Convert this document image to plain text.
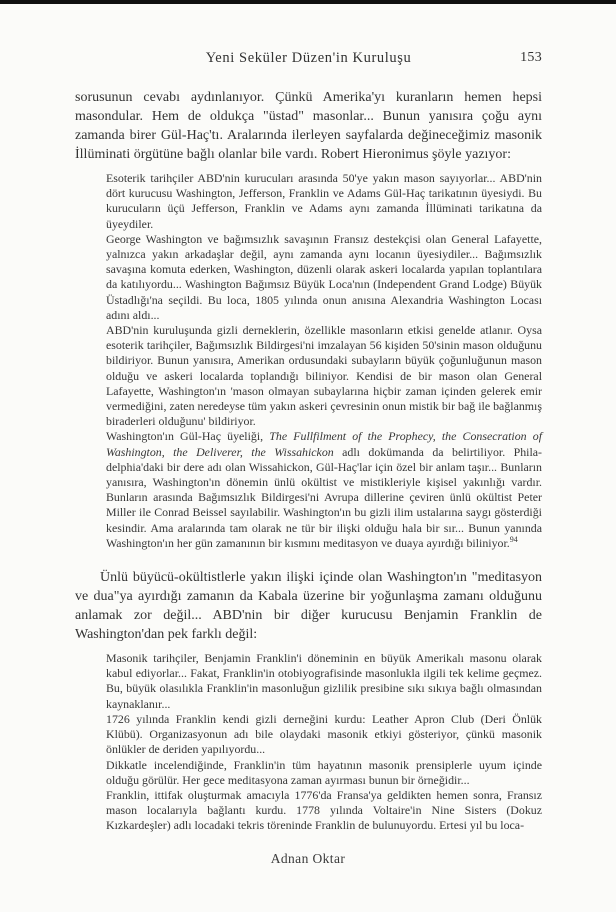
Yeni Seküler Düzen'in Kuruluşu	153

sorusunun cevabı aydınlanıyor. Çünkü Amerika'yı kuranların hemen hepsi masondular. Hem de oldukça "üstad" masonlar... Bunun yanısıra çoğu aynı zamanda birer Gül-Haç'tı. Aralarında ilerleyen sayfalarda değineceğimiz masonik İllüminati örgütüne bağlı olanlar bile vardı. Robert Hieronimus şöyle yazıyor:

Esoterik tarihçiler ABD'nin kurucuları arasında 50'ye yakın mason sayıyorlar... ABD'nin dört kurucusu Washington, Jefferson, Franklin ve Adams Gül-Haç tarikatının üyesiydi. Bu kurucuların üçü Jefferson, Franklin ve Adams aynı zamanda İllüminati tarikatına da üyeydiler.

George Washington ve bağımsızlık savaşının Fransız destekçisi olan General Lafayette, yalnızca yakın arkadaşlar değil, aynı zamanda aynı locanın üyesiydiler... Bağımsızlık savaşına komuta ederken, Washington, düzenli olarak askeri localarda yapılan toplantılara da katılıyordu... Washington Bağımsız Büyük Loca'nın (Independent Grand Lodge) Büyük Üstadlığı'na seçildi. Bu loca, 1805 yılında onun anısına Alexandria Washington Locası adını aldı...

ABD'nin kuruluşunda gizli derneklerin, özellikle masonların etkisi genelde atlanır. Oysa esoterik tarihçiler, Bağımsızlık Bildirgesi'ni imzalayan 56 kişiden 50'sinin mason olduğunu bildiriyor. Bunun yanısıra, Amerikan ordusundaki subayların büyük çoğunluğunun mason olduğu ve askeri localarda toplandığı biliniyor. Kendisi de bir mason olan General Lafayette, Washington'ın 'mason olmayan subaylarına hiçbir zaman içinden gelerek emir vermediğini, zaten neredeyse tüm yakın askeri çevresinin onun mistik bir bağ ile bağlanmış biraderleri olduğunu' bildiriyor.

Washington'ın Gül-Haç üyeliği, The Fullfilment of the Prophecy, the Consecration of Washington, the Deliverer, the Wissahickon adlı dokümanda da belirtiliyor. Phila- delphia'daki bir dere adı olan Wissahickon, Gül-Haç'lar için özel bir anlam taşır... Bunların yanısıra, Washington'ın dönemin ünlü okültist ve mistikleriyle kişisel yakınlığı vardır. Bunların arasında Bağımsızlık Bildirgesi'ni Avrupa dillerine çeviren ünlü okültist Peter Miller ile Conrad Beissel sayılabilir. Washington'ın bu gizli ilim ustalarına saygı gösterdiği kesindir. Ama aralarında tam olarak ne tür bir ilişki olduğu hala bir sır... Bunun yanında Washington'ın her gün zamanının bir kısmını meditasyon ve duaya ayırdığı biliniyor.$^{94}$

Ünlü büyücü-okültistlerle yakın ilişki içinde olan Washington'ın "meditasyon ve dua"ya ayırdığı zamanın da Kabala üzerine bir yoğunlaşma zamanı olduğunu anlamak zor değil... ABD'nin bir diğer kurucusu Benjamin Franklin de Washington'dan pek farklı değil:

Masonik tarihçiler, Benjamin Franklin'i döneminin en büyük Amerikalı masonu olarak kabul ediyorlar... Fakat, Franklin'in otobiyografisinde masonlukla ilgili tek kelime geçmez. Bu, büyük olasılıkla Franklin'in masonluğun gizlilik presibine sıkı sıkıya bağlı olmasından kaynaklanır...

1726 yılında Franklin kendi gizli derneğini kurdu: Leather Apron Club (Deri Önlük Klübü). Organizasyonun adı bile olaydaki masonik etkiyi gösteriyor, çünkü masonik önlükler de deriden yapılıyordu...

Dikkatle incelendiğinde, Franklin'in tüm hayatının masonik prensiplerle uyum içinde olduğu görülür. Her gece meditasyona zaman ayırması bunun bir örneğidir...

Franklin, ittifak oluşturmak amacıyla 1776'da Fransa'ya geldikten hemen sonra, Fransız mason localarıyla bağlantı kurdu. 1778 yılında Voltaire'in Nine Sisters (Dokuz Kızkardeşler) adlı locadaki tekris töreninde Franklin de bulunuyordu. Ertesi yıl bu loca-

Adnan Oktar
